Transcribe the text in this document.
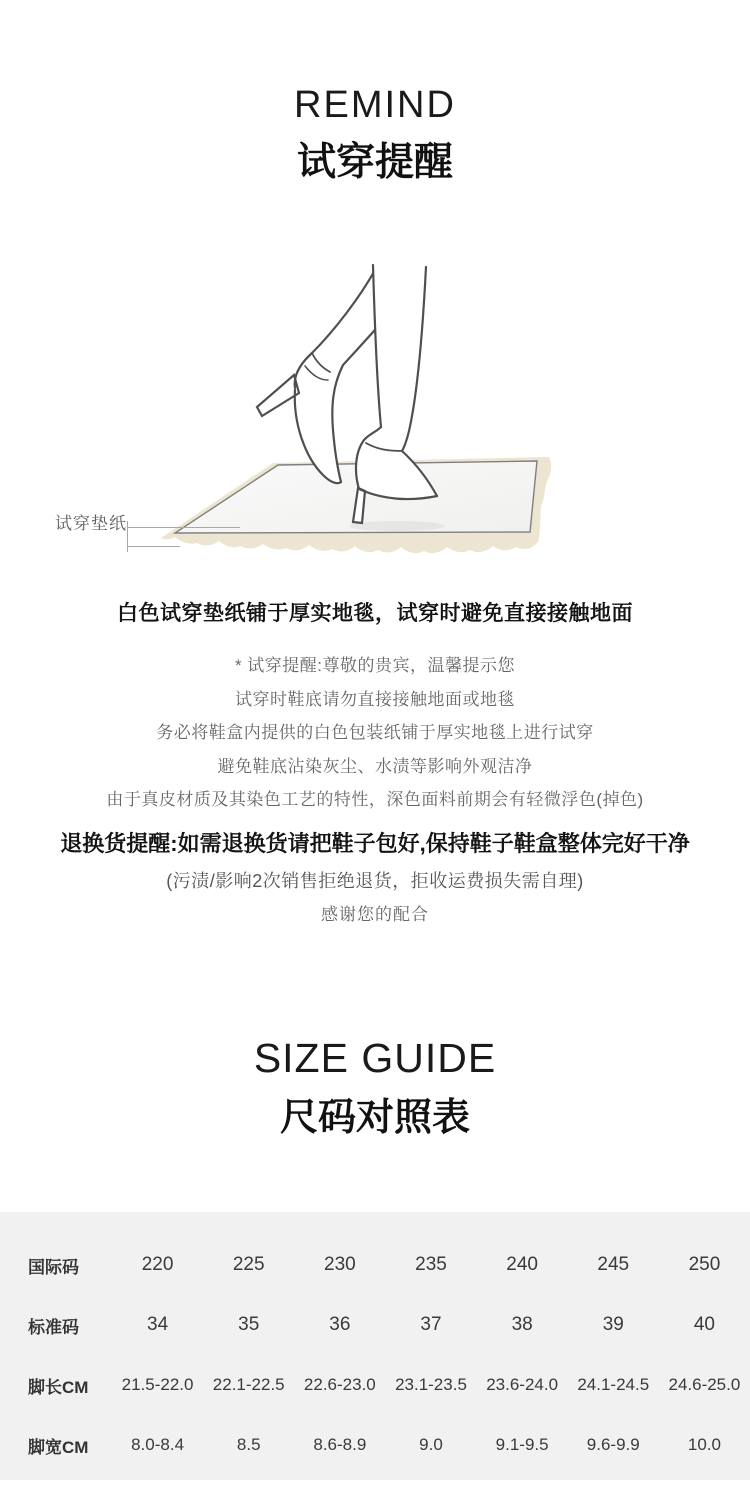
REMIND
试穿提醒
试穿垫纸
白色试穿垫纸铺于厚实地毯，试穿时避免直接接触地面
* 试穿提醒:尊敬的贵宾，温馨提示您
试穿时鞋底请勿直接接触地面或地毯
务必将鞋盒内提供的白色包装纸铺于厚实地毯上进行试穿
避免鞋底沾染灰尘、水渍等影响外观洁净
由于真皮材质及其染色工艺的特性，深色面料前期会有轻微浮色(掉色)
退换货提醒:如需退换货请把鞋子包好,保持鞋子鞋盒整体完好干净
(污渍/影响2次销售拒绝退货，拒收运费损失需自理)
感谢您的配合
SIZE GUIDE
尺码对照表
国际码	220	225	230	235	240	245	250
标准码	34	35	36	37	38	39	40
脚长CM	21.5-22.0	22.1-22.5	22.6-23.0	23.1-23.5	23.6-24.0	24.1-24.5	24.6-25.0
脚宽CM	8.0-8.4	8.5	8.6-8.9	9.0	9.1-9.5	9.6-9.9	10.0
